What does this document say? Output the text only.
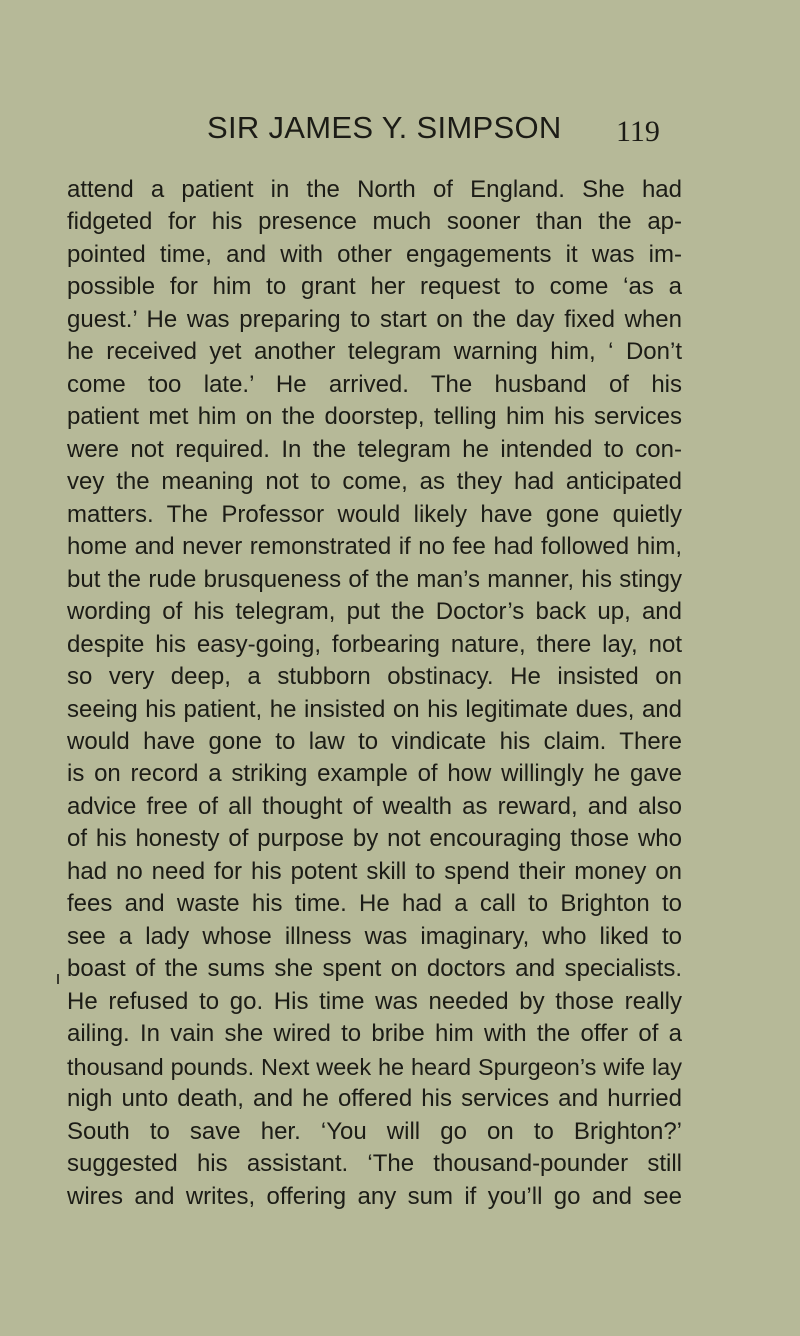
SIR JAMES Y. SIMPSON 119
attend a patient in the North of England. She had
fidgeted for his presence much sooner than the ap-
pointed time, and with other engagements it was im-
possible for him to grant her request to come ‘as a
guest.’ He was preparing to start on the day fixed when
he received yet another telegram warning him, ‘ Don’t
come too late.’ He arrived. The husband of his
patient met him on the doorstep, telling him his services
were not required. In the telegram he intended to con-
vey the meaning not to come, as they had anticipated
matters. The Professor would likely have gone quietly
home and never remonstrated if no fee had followed him,
but the rude brusqueness of the man’s manner, his stingy
wording of his telegram, put the Doctor’s back up, and
despite his easy-going, forbearing nature, there lay, not
so very deep, a stubborn obstinacy. He insisted on
seeing his patient, he insisted on his legitimate dues, and
would have gone to law to vindicate his claim. There
is on record a striking example of how willingly he gave
advice free of all thought of wealth as reward, and also
of his honesty of purpose by not encouraging those who
had no need for his potent skill to spend their money on
fees and waste his time. He had a call to Brighton to
see a lady whose illness was imaginary, who liked to
boast of the sums she spent on doctors and specialists.
He refused to go. His time was needed by those really
ailing. In vain she wired to bribe him with the offer of a
thousand pounds. Next week he heard Spurgeon’s wife lay
nigh unto death, and he offered his services and hurried
South to save her. ‘You will go on to Brighton?’
suggested his assistant. ‘The thousand-pounder still
wires and writes, offering any sum if you’ll go and see
